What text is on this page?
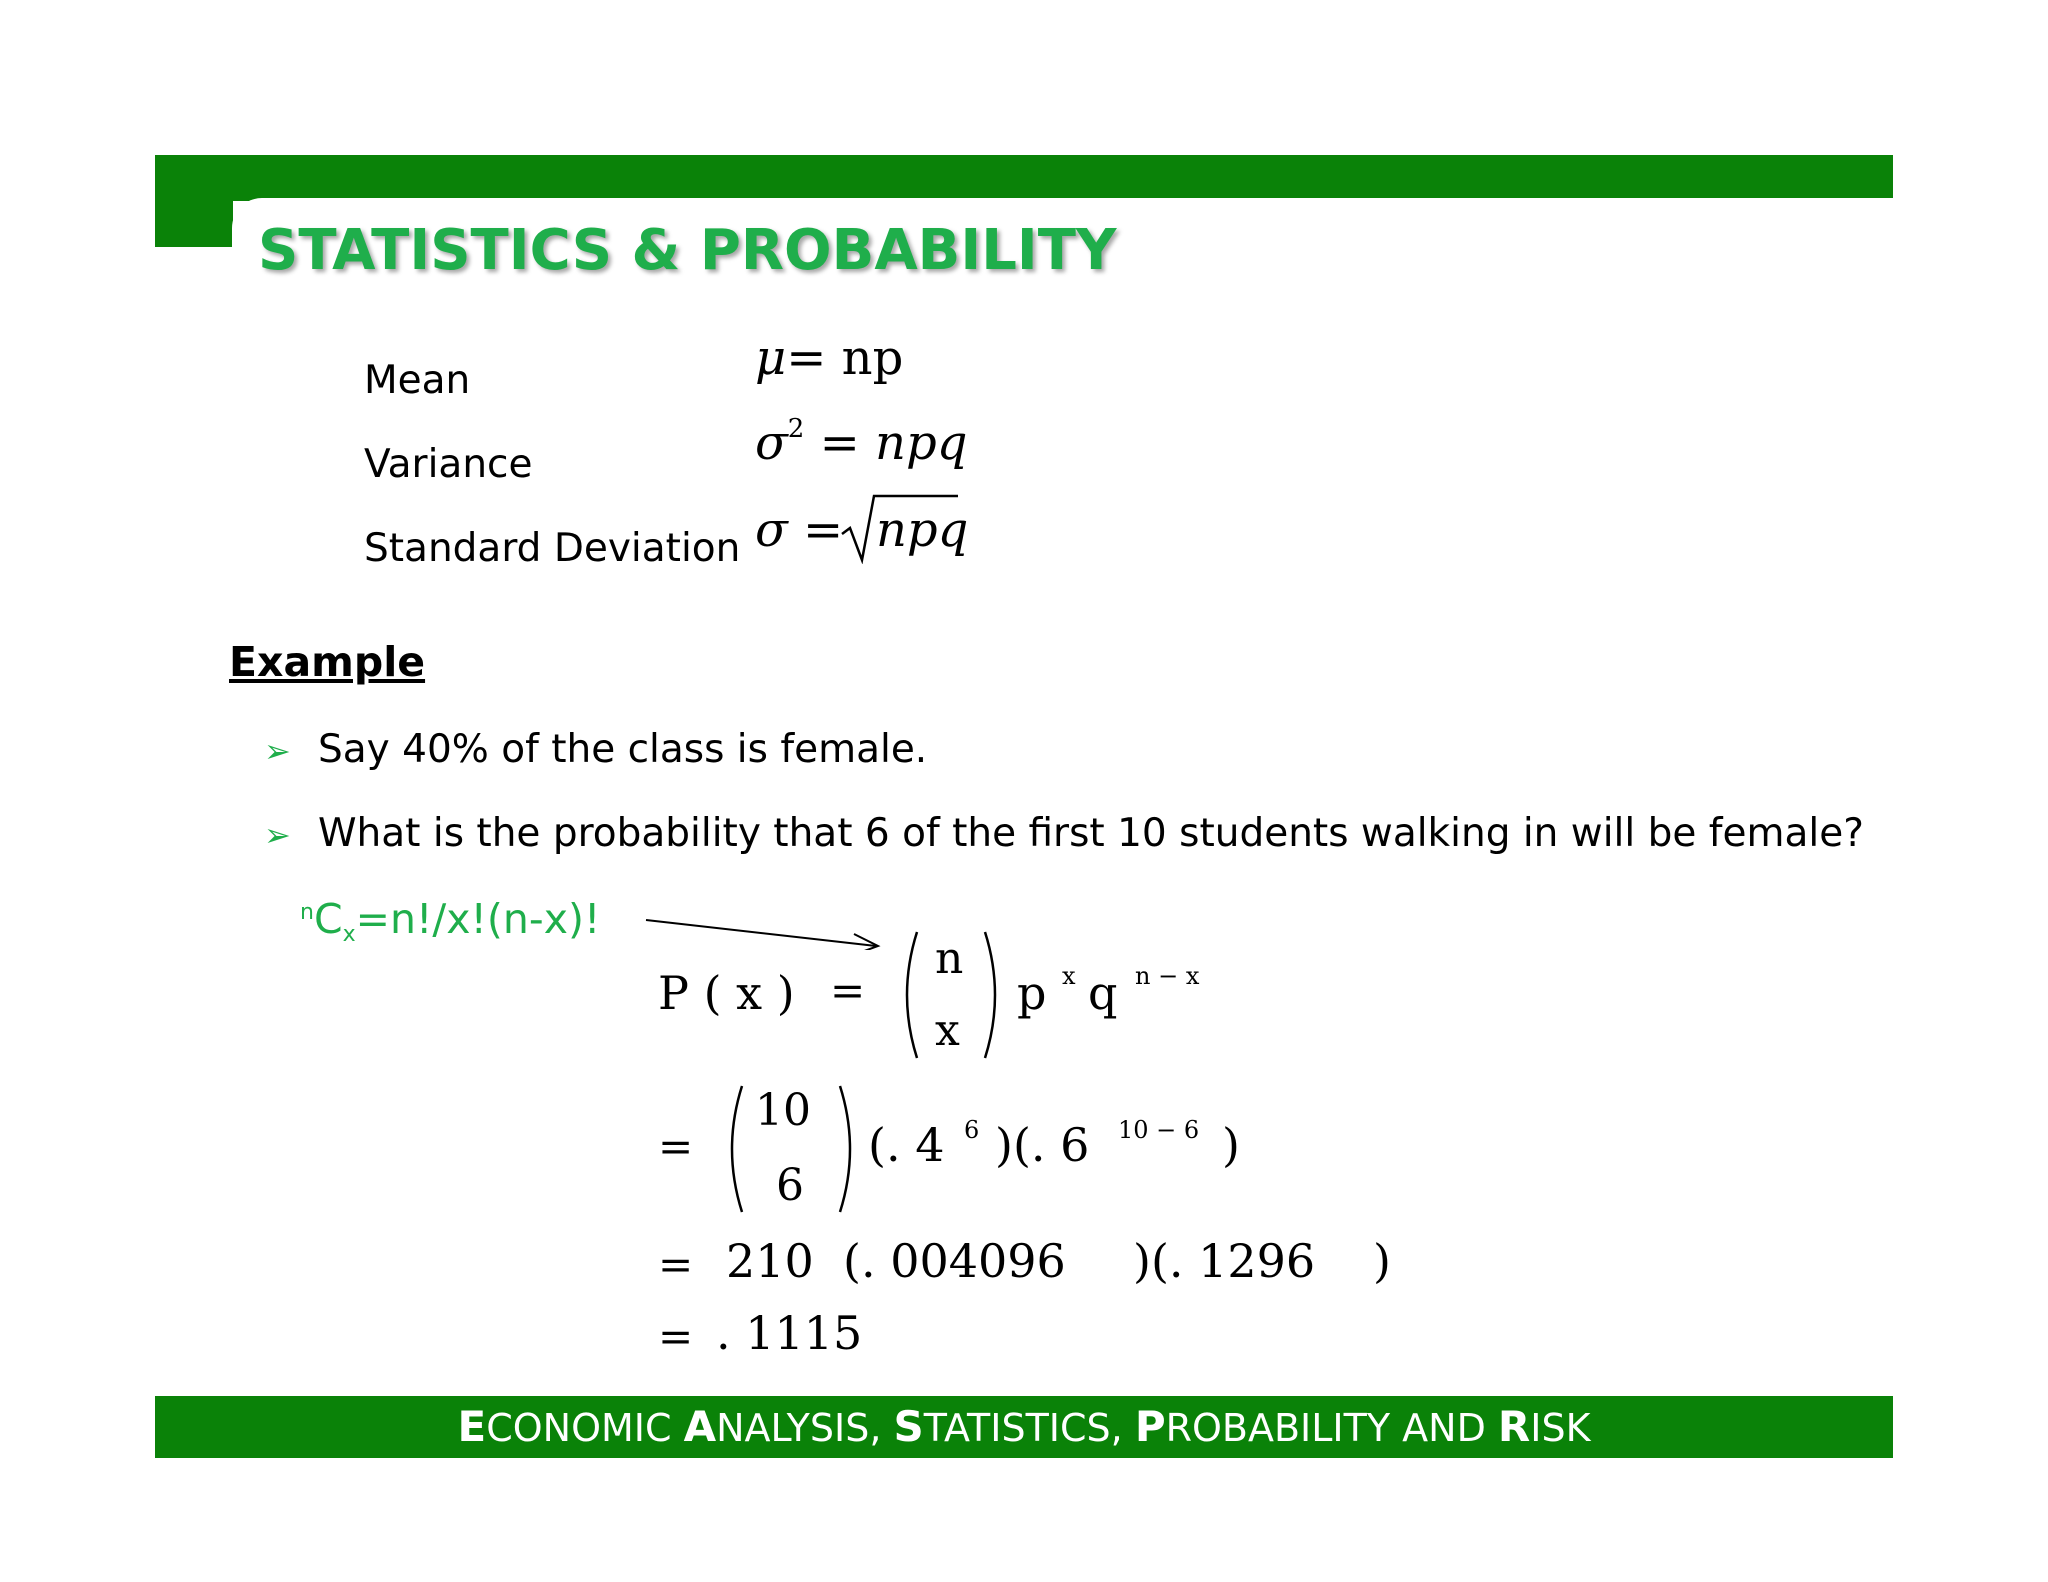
STATISTICS & PROBABILITY
Mean
Variance
Standard Deviation
μ= np
$\sigma^2$ = npq
σ = npq
Example
➢ Say 40% of the class is female.
➢ What is the probability that 6 of the first 10 students walking in will be female?
$^nC_x=n!/x!(n-x)$!
P ( x ) =
n
x
p x q n − x
=
10
6
(. 4 6 )(. 6 10 − 6 )
= 210 (. 004096 )(. 1296 )
= . 1115
ECONOMIC ANALYSIS, STATISTICS, PROBABILITY AND RISK
